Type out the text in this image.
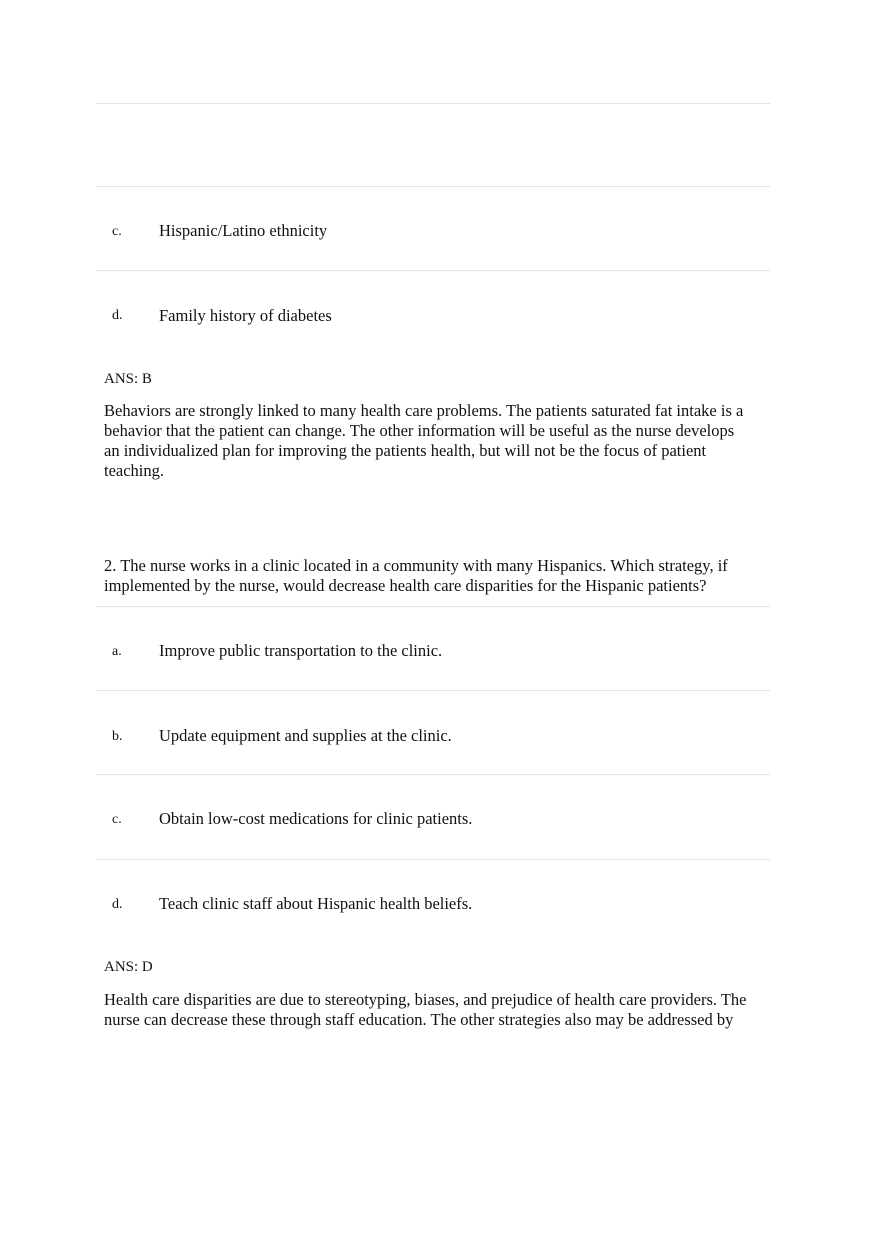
c. Hispanic/Latino ethnicity
d. Family history of diabetes
ANS: B
Behaviors are strongly linked to many health care problems. The patients saturated fat intake is a
behavior that the patient can change. The other information will be useful as the nurse develops
an individualized plan for improving the patients health, but will not be the focus of patient
teaching.
2. The nurse works in a clinic located in a community with many Hispanics. Which strategy, if
implemented by the nurse, would decrease health care disparities for the Hispanic patients?
a. Improve public transportation to the clinic.
b. Update equipment and supplies at the clinic.
c. Obtain low-cost medications for clinic patients.
d. Teach clinic staff about Hispanic health beliefs.
ANS: D
Health care disparities are due to stereotyping, biases, and prejudice of health care providers. The
nurse can decrease these through staff education. The other strategies also may be addressed by
